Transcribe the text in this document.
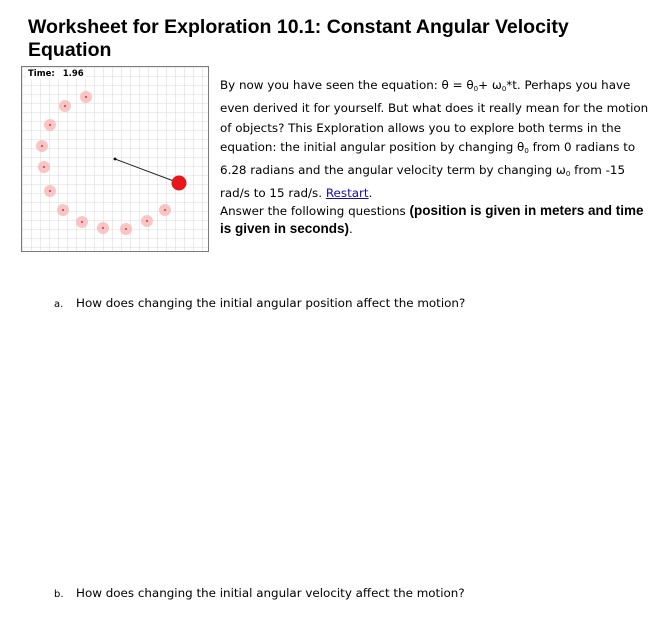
Worksheet for Exploration 10.1: Constant Angular Velocity Equation
Time: 1.96
By now you have seen the equation: $\theta = \theta_0+ \omega_0*t$. Perhaps you have even derived it for yourself. But what does it really mean for the motion of objects? This Exploration allows you to explore both terms in the equation: the initial angular position by changing $\theta_0$ from 0 radians to 6.28 radians and the angular velocity term by changing $\omega_0$ from -15 rad/s to 15 rad/s. Restart.
Answer the following questions (position is given in meters and time is given in seconds).
a. How does changing the initial angular position affect the motion?
b. How does changing the initial angular velocity affect the motion?
